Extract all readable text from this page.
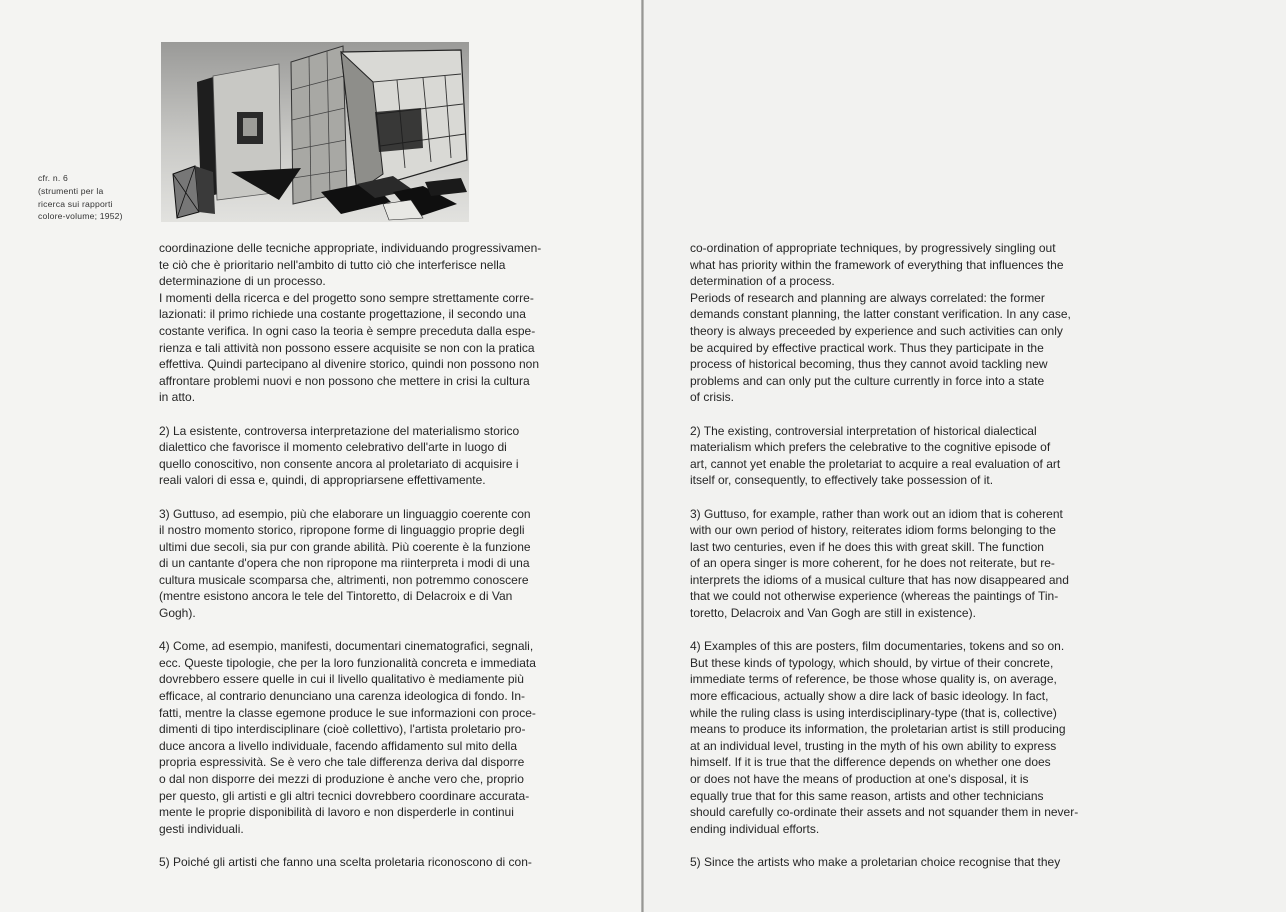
cfr. n. 6
(strumenti per la
ricerca sui rapporti
colore-volume; 1952)

coordinazione delle tecniche appropriate, individuando progressivamen-
te ciò che è prioritario nell'ambito di tutto ciò che interferisce nella
determinazione di un processo.
I momenti della ricerca e del progetto sono sempre strettamente corre-
lazionati: il primo richiede una costante progettazione, il secondo una
costante verifica. In ogni caso la teoria è sempre preceduta dalla espe-
rienza e tali attività non possono essere acquisite se non con la pratica
effettiva. Quindi partecipano al divenire storico, quindi non possono non
affrontare problemi nuovi e non possono che mettere in crisi la cultura
in atto.

2) La esistente, controversa interpretazione del materialismo storico
dialettico che favorisce il momento celebrativo dell'arte in luogo di
quello conoscitivo, non consente ancora al proletariato di acquisire i
reali valori di essa e, quindi, di appropriarsene effettivamente.

3) Guttuso, ad esempio, più che elaborare un linguaggio coerente con
il nostro momento storico, ripropone forme di linguaggio proprie degli
ultimi due secoli, sia pur con grande abilità. Più coerente è la funzione
di un cantante d'opera che non ripropone ma riinterpreta i modi di una
cultura musicale scomparsa che, altrimenti, non potremmo conoscere
(mentre esistono ancora le tele del Tintoretto, di Delacroix e di Van
Gogh).

4) Come, ad esempio, manifesti, documentari cinematografici, segnali,
ecc. Queste tipologie, che per la loro funzionalità concreta e immediata
dovrebbero essere quelle in cui il livello qualitativo è mediamente più
efficace, al contrario denunciano una carenza ideologica di fondo. In-
fatti, mentre la classe egemone produce le sue informazioni con proce-
dimenti di tipo interdisciplinare (cioè collettivo), l'artista proletario pro-
duce ancora a livello individuale, facendo affidamento sul mito della
propria espressività. Se è vero che tale differenza deriva dal disporre
o dal non disporre dei mezzi di produzione è anche vero che, proprio
per questo, gli artisti e gli altri tecnici dovrebbero coordinare accurata-
mente le proprie disponibilità di lavoro e non disperderle in continui
gesti individuali.

5) Poiché gli artisti che fanno una scelta proletaria riconoscono di con-

co-ordination of appropriate techniques, by progressively singling out
what has priority within the framework of everything that influences the
determination of a process.
Periods of research and planning are always correlated: the former
demands constant planning, the latter constant verification. In any case,
theory is always preceeded by experience and such activities can only
be acquired by effective practical work. Thus they participate in the
process of historical becoming, thus they cannot avoid tackling new
problems and can only put the culture currently in force into a state
of crisis.

2) The existing, controversial interpretation of historical dialectical
materialism which prefers the celebrative to the cognitive episode of
art, cannot yet enable the proletariat to acquire a real evaluation of art
itself or, consequently, to effectively take possession of it.

3) Guttuso, for example, rather than work out an idiom that is coherent
with our own period of history, reiterates idiom forms belonging to the
last two centuries, even if he does this with great skill. The function
of an opera singer is more coherent, for he does not reiterate, but re-
interprets the idioms of a musical culture that has now disappeared and
that we could not otherwise experience (whereas the paintings of Tin-
toretto, Delacroix and Van Gogh are still in existence).

4) Examples of this are posters, film documentaries, tokens and so on.
But these kinds of typology, which should, by virtue of their concrete,
immediate terms of reference, be those whose quality is, on average,
more efficacious, actually show a dire lack of basic ideology. In fact,
while the ruling class is using interdisciplinary-type (that is, collective)
means to produce its information, the proletarian artist is still producing
at an individual level, trusting in the myth of his own ability to express
himself. If it is true that the difference depends on whether one does
or does not have the means of production at one's disposal, it is
equally true that for this same reason, artists and other technicians
should carefully co-ordinate their assets and not squander them in never-
ending individual efforts.

5) Since the artists who make a proletarian choice recognise that they
